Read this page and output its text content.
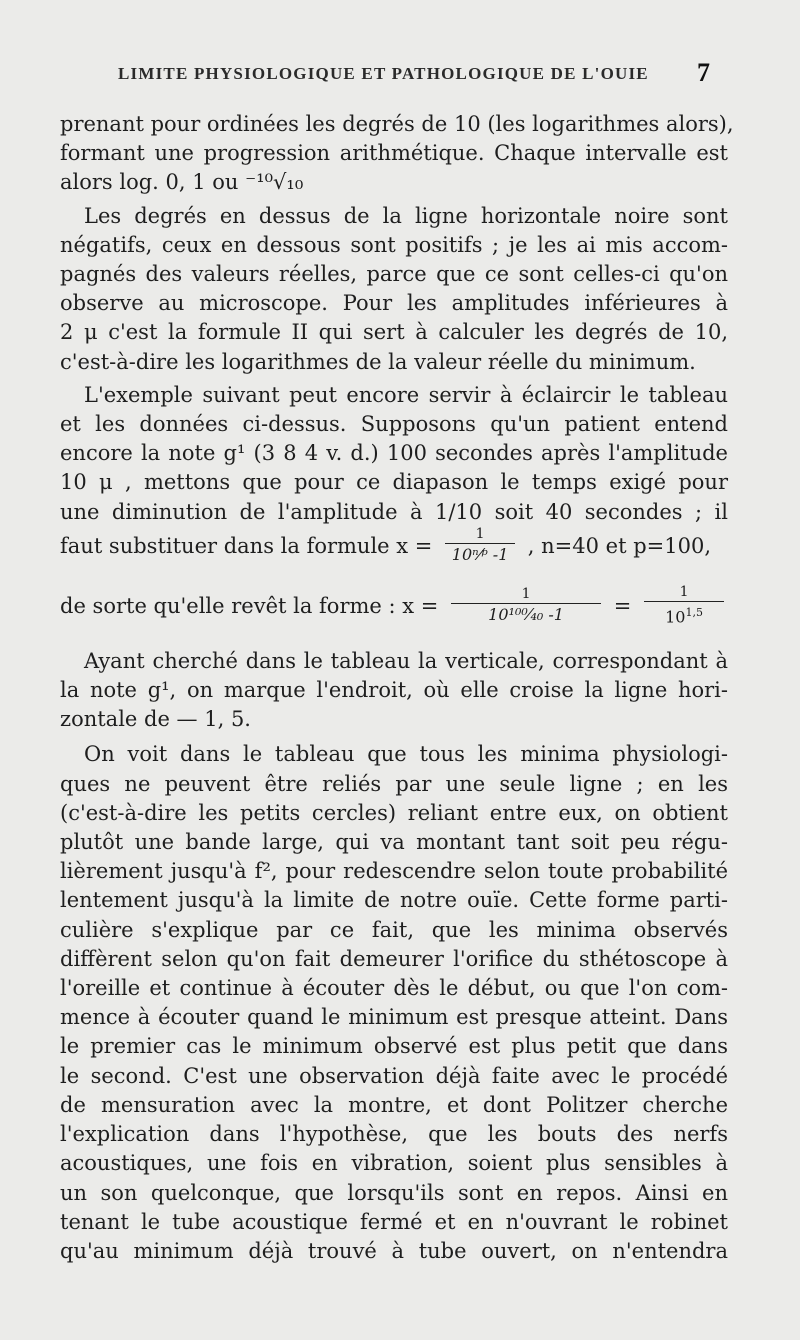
LIMITE PHYSIOLOGIQUE ET PATHOLOGIQUE DE L'OUIE 7
prenant pour ordinées les degrés de 10 (les logarithmes alors),
formant une progression arithmétique. Chaque intervalle est
alors log. 0, 1 ou ⁻¹⁰√₁₀
Les degrés en dessus de la ligne horizontale noire sont
négatifs, ceux en dessous sont positifs ; je les ai mis accom-
pagnés des valeurs réelles, parce que ce sont celles-ci qu'on
observe au microscope. Pour les amplitudes inférieures à
2 μ c'est la formule II qui sert à calculer les degrés de 10,
c'est-à-dire les logarithmes de la valeur réelle du minimum.
L'exemple suivant peut encore servir à éclaircir le tableau
et les données ci-dessus. Supposons qu'un patient entend
encore la note g¹ (3 8 4 v. d.) 100 secondes après l'amplitude
10 μ , mettons que pour ce diapason le temps exigé pour
une diminution de l'amplitude à 1/10 soit 40 secondes ; il
faut substituer dans la formule $x = \frac{1}{\text{10ⁿ⁄ᵖ -1}}$ , n=40 et p=100,
de sorte qu'elle revêt la forme : $x = \frac{1}{\text{10¹⁰⁰⁄₄₀ -1}} = \frac{1}{10^{1,5}}$
Ayant cherché dans le tableau la verticale, correspondant à
la note g¹, on marque l'endroit, où elle croise la ligne hori-
zontale de — 1, 5.
On voit dans le tableau que tous les minima physiologi-
ques ne peuvent être reliés par une seule ligne ; en les
(c'est-à-dire les petits cercles) reliant entre eux, on obtient
plutôt une bande large, qui va montant tant soit peu régu-
lièrement jusqu'à f², pour redescendre selon toute probabilité
lentement jusqu'à la limite de notre ouïe. Cette forme parti-
culière s'explique par ce fait, que les minima observés
diffèrent selon qu'on fait demeurer l'orifice du sthétoscope à
l'oreille et continue à écouter dès le début, ou que l'on com-
mence à écouter quand le minimum est presque atteint. Dans
le premier cas le minimum observé est plus petit que dans
le second. C'est une observation déjà faite avec le procédé
de mensuration avec la montre, et dont Politzer cherche
l'explication dans l'hypothèse, que les bouts des nerfs
acoustiques, une fois en vibration, soient plus sensibles à
un son quelconque, que lorsqu'ils sont en repos. Ainsi en
tenant le tube acoustique fermé et en n'ouvrant le robinet
qu'au minimum déjà trouvé à tube ouvert, on n'entendra
